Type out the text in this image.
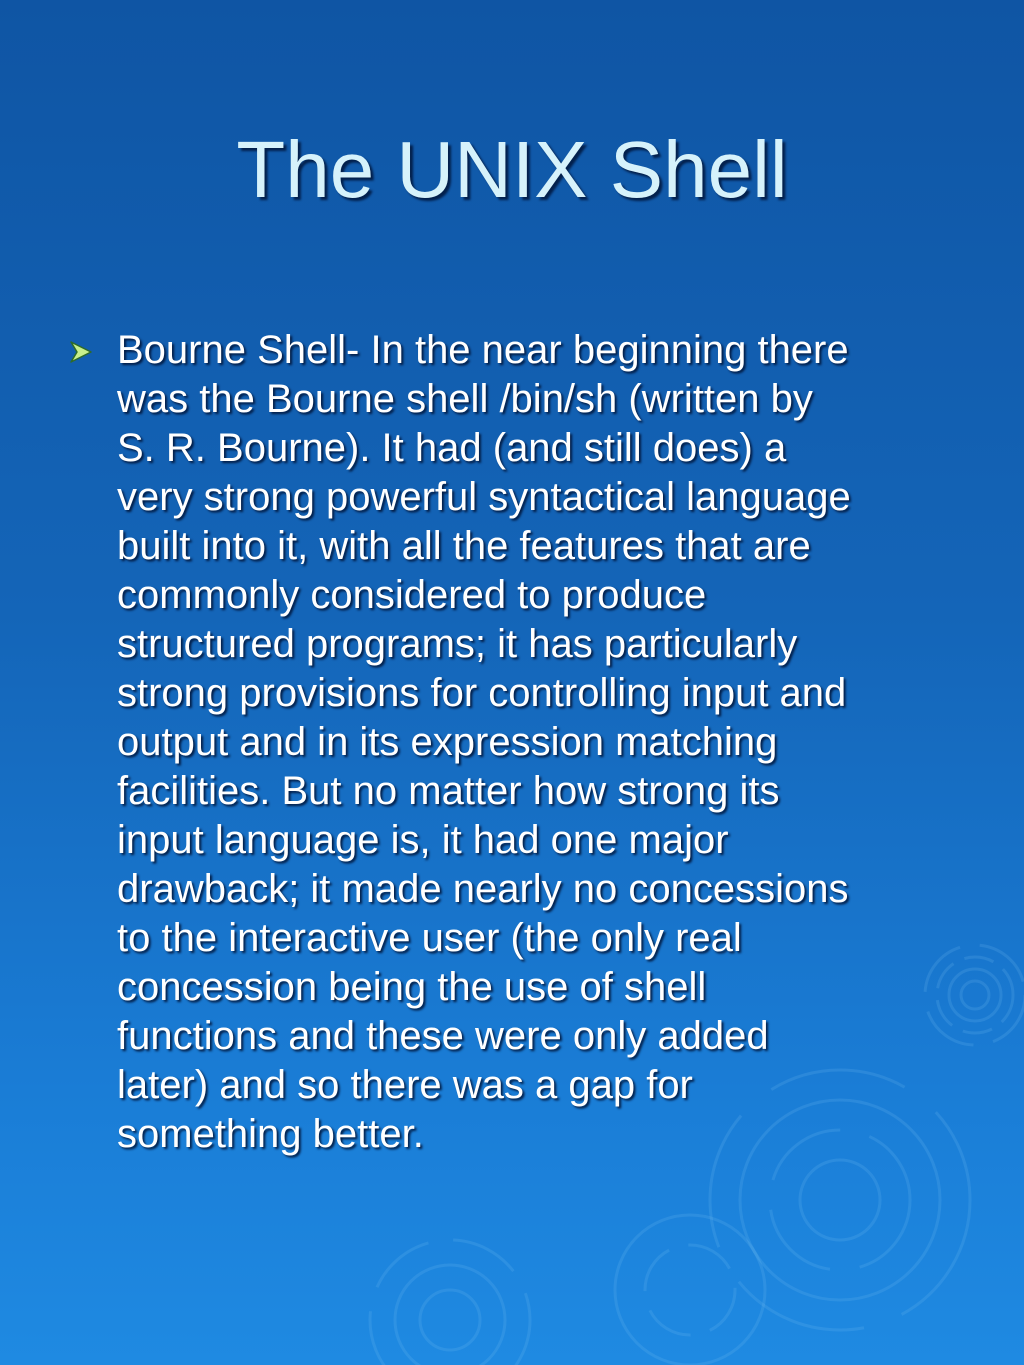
The UNIX Shell

Bourne Shell- In the near beginning there
was the Bourne shell /bin/sh (written by
S. R. Bourne). It had (and still does) a
very strong powerful syntactical language
built into it, with all the features that are
commonly considered to produce
structured programs; it has particularly
strong provisions for controlling input and
output and in its expression matching
facilities. But no matter how strong its
input language is, it had one major
drawback; it made nearly no concessions
to the interactive user (the only real
concession being the use of shell
functions and these were only added
later) and so there was a gap for
something better.
